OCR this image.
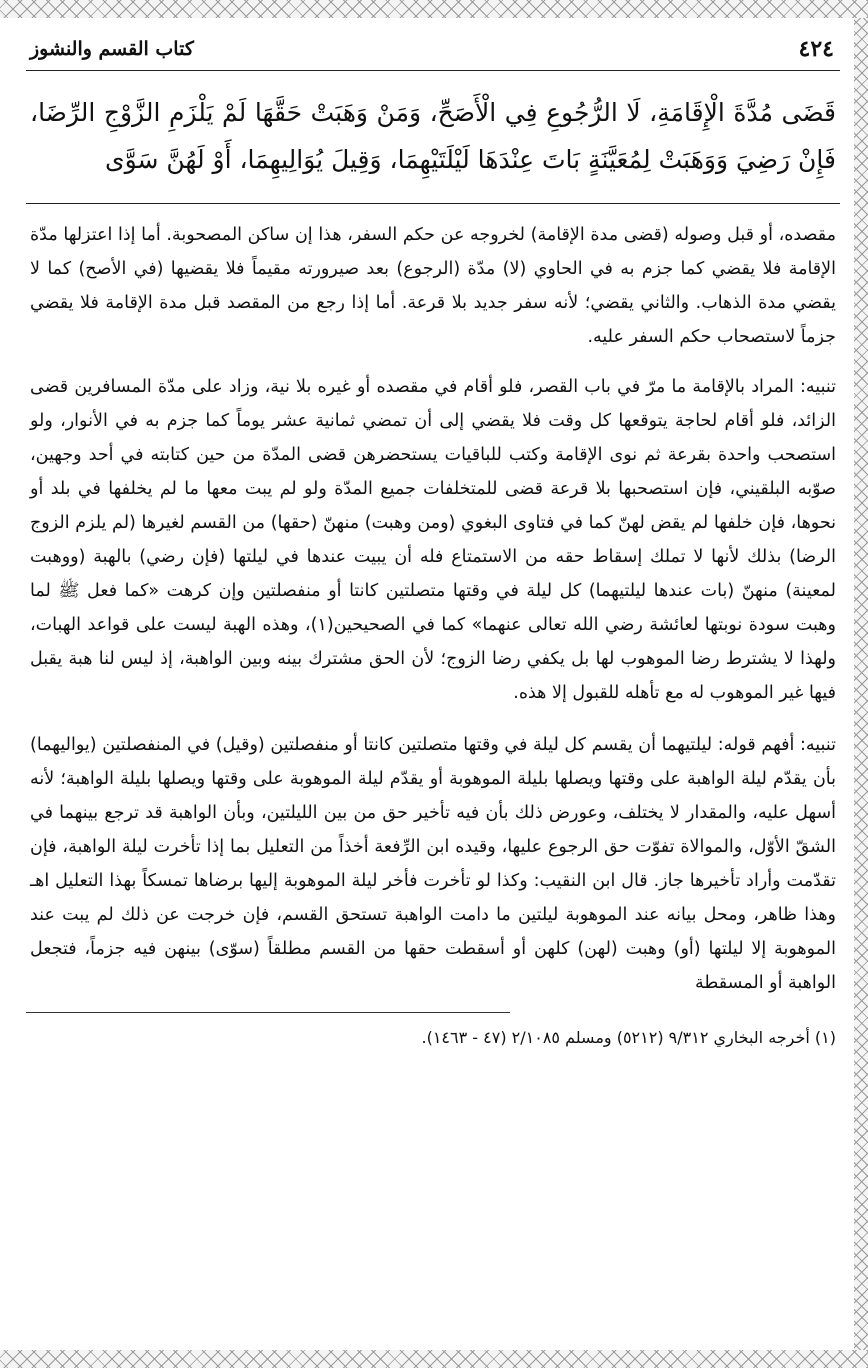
كتاب القسم والنشوز	٤٢٤
قَضَى مُدَّةَ الْإِقَامَةِ، لَا الرُّجُوعِ فِي الْأَصَحِّ، وَمَنْ وَهَبَتْ حَقَّهَا لَمْ يَلْزَمِ الزَّوْجِ الرِّضَا، فَإِنْ رَضِيَ وَوَهَبَتْ لِمُعَيَّنَةٍ بَاتَ عِنْدَهَا لَيْلَتَيْهِمَا، وَقِيلَ يُوَالِيهِمَا، أَوْ لَهُنَّ سَوَّى

مقصده، أو قبل وصوله (قضى مدة الإقامة) لخروجه عن حكم السفر، هذا إن ساكن المصحوبة. أما إذا اعتزلها مدّة الإقامة فلا يقضي كما جزم به في الحاوي (لا) مدّة (الرجوع) بعد صيرورته مقيماً فلا يقضيها (في الأصح) كما لا يقضي مدة الذهاب. والثاني يقضي؛ لأنه سفر جديد بلا قرعة. أما إذا رجع من المقصد قبل مدة الإقامة فلا يقضي جزماً لاستصحاب حكم السفر عليه.

تنبيه: المراد بالإقامة ما مرّ في باب القصر، فلو أقام في مقصده أو غيره بلا نية، وزاد على مدّة المسافرين قضى الزائد، فلو أقام لحاجة يتوقعها كل وقت فلا يقضي إلى أن تمضي ثمانية عشر يوماً كما جزم به في الأنوار، ولو استصحب واحدة بقرعة ثم نوى الإقامة وكتب للباقيات يستحضرهن قضى المدّة من حين كتابته في أحد وجهين، صوّبه البلقيني، فإن استصحبها بلا قرعة قضى للمتخلفات جميع المدّة ولو لم يبت معها ما لم يخلفها في بلد أو نحوها، فإن خلفها لم يقض لهنّ كما في فتاوى البغوي (ومن وهبت) منهنّ (حقها) من القسم لغيرها (لم يلزم الزوج الرضا) بذلك لأنها لا تملك إسقاط حقه من الاستمتاع فله أن يبيت عندها في ليلتها (فإن رضي) بالهبة (ووهبت لمعينة) منهنّ (بات عندها ليلتيهما) كل ليلة في وقتها متصلتين كانتا أو منفصلتين وإن كرهت «كما فعل ﷺ لما وهبت سودة نوبتها لعائشة رضي الله تعالى عنهما» كما في الصحيحين(١)، وهذه الهبة ليست على قواعد الهبات، ولهذا لا يشترط رضا الموهوب لها بل يكفي رضا الزوج؛ لأن الحق مشترك بينه وبين الواهبة، إذ ليس لنا هبة يقبل فيها غير الموهوب له مع تأهله للقبول إلا هذه.

تنبيه: أفهم قوله: ليلتيهما أن يقسم كل ليلة في وقتها متصلتين كانتا أو منفصلتين (وقيل) في المنفصلتين (يواليهما) بأن يقدّم ليلة الواهبة على وقتها ويصلها بليلة الموهوبة أو يقدّم ليلة الموهوبة على وقتها ويصلها بليلة الواهبة؛ لأنه أسهل عليه، والمقدار لا يختلف، وعورض ذلك بأن فيه تأخير حق من بين الليلتين، وبأن الواهبة قد ترجع بينهما في الشقّ الأوّل، والموالاة تفوّت حق الرجوع عليها، وقيده ابن الرِّفعة أخذاً من التعليل بما إذا تأخرت ليلة الواهبة، فإن تقدّمت وأراد تأخيرها جاز. قال ابن النقيب: وكذا لو تأخرت فأخر ليلة الموهوبة إليها برضاها تمسكاً بهذا التعليل اهـ وهذا ظاهر، ومحل بيانه عند الموهوبة ليلتين ما دامت الواهبة تستحق القسم، فإن خرجت عن ذلك لم يبت عند الموهوبة إلا ليلتها (أو) وهبت (لهن) كلهن أو أسقطت حقها من القسم مطلقاً (سوّى) بينهن فيه جزماً، فتجعل الواهبة أو المسقطة

(١) أخرجه البخاري ٩/٣١٢ (٥٢١٢) ومسلم ٢/١٠٨٥ (٤٧ - ١٤٦٣).
